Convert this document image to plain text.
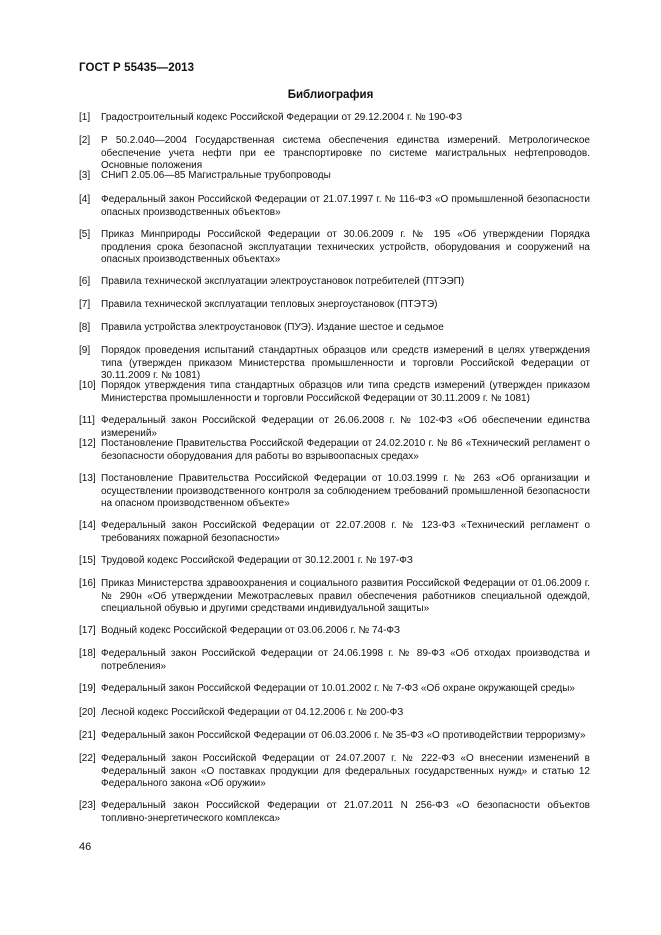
ГОСТ Р 55435—2013
Библиография
[1]	Градостроительный кодекс Российской Федерации от 29.12.2004 г. № 190-ФЗ
[2]	Р 50.2.040—2004 Государственная система обеспечения единства измерений. Метрологическое обеспечение учета нефти при ее транспортировке по системе магистральных нефтепроводов. Основные положения
[3]	СНиП 2.05.06—85 Магистральные трубопроводы
[4]	Федеральный закон Российской Федерации от 21.07.1997 г. № 116-ФЗ «О промышленной безопасности опасных производственных объектов»
[5]	Приказ Минприроды Российской Федерации от 30.06.2009 г. № 195 «Об утверждении Порядка продления срока безопасной эксплуатации технических устройств, оборудования и сооружений на опасных производственных объектах»
[6]	Правила технической эксплуатации электроустановок потребителей (ПТЭЭП)
[7]	Правила технической эксплуатации тепловых энергоустановок (ПТЭТЭ)
[8]	Правила устройства электроустановок (ПУЭ). Издание шестое и седьмое
[9]	Порядок проведения испытаний стандартных образцов или средств измерений в целях утверждения типа (утвержден приказом Министерства промышленности и торговли Российской Федерации от 30.11.2009 г. № 1081)
[10] Порядок утверждения типа стандартных образцов или типа средств измерений (утвержден приказом Министерства промышленности и торговли Российской Федерации от 30.11.2009 г. № 1081)
[11] Федеральный закон Российской Федерации от 26.06.2008 г. № 102-ФЗ «Об обеспечении единства измерений»
[12] Постановление Правительства Российской Федерации от 24.02.2010 г. № 86 «Технический регламент о безопасности оборудования для работы во взрывоопасных средах»
[13] Постановление Правительства Российской Федерации от 10.03.1999 г. № 263 «Об организации и осуществлении производственного контроля за соблюдением требований промышленной безопасности на опасном производственном объекте»
[14] Федеральный закон Российской Федерации от 22.07.2008 г. № 123-ФЗ «Технический регламент о требованиях пожарной безопасности»
[15] Трудовой кодекс Российской Федерации от 30.12.2001 г. № 197-ФЗ
[16] Приказ Министерства здравоохранения и социального развития Российской Федерации от 01.06.2009 г. № 290н «Об утверждении Межотраслевых правил обеспечения работников специальной одеждой, специальной обувью и другими средствами индивидуальной защиты»
[17] Водный кодекс Российской Федерации от 03.06.2006 г. № 74-ФЗ
[18] Федеральный закон Российской Федерации от 24.06.1998 г. № 89-ФЗ «Об отходах производства и потребления»
[19] Федеральный закон Российской Федерации от 10.01.2002 г. № 7-ФЗ «Об охране окружающей среды»
[20] Лесной кодекс Российской Федерации от 04.12.2006 г. № 200-ФЗ
[21] Федеральный закон Российской Федерации от 06.03.2006 г. № 35-ФЗ «О противодействии терроризму»
[22] Федеральный закон Российской Федерации от 24.07.2007 г. № 222-ФЗ «О внесении изменений в Федеральный закон «О поставках продукции для федеральных государственных нужд» и статью 12 Федерального закона «Об оружии»
[23] Федеральный закон Российской Федерации от 21.07.2011 N 256-ФЗ «О безопасности объектов топливно-энергетического комплекса»
46
